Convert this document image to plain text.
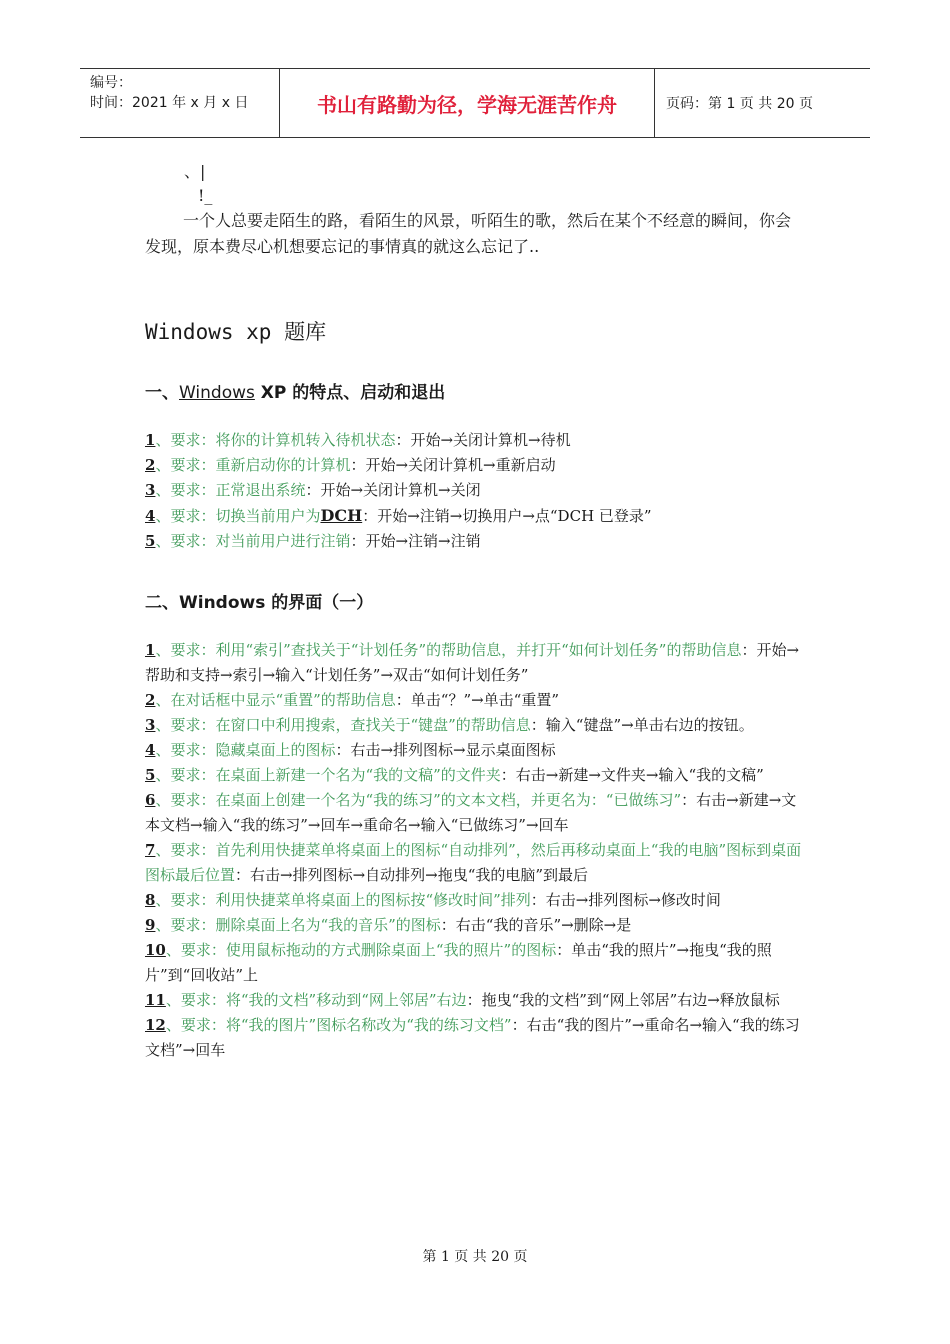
编号：
时间：2021 年 x 月 x 日	书山有路勤为径，学海无涯苦作舟	页码：第 1 页 共 20 页
、|
!_

一个人总要走陌生的路，看陌生的风景，听陌生的歌，然后在某个不经意的瞬间，你会发现，原本费尽心机想要忘记的事情真的就这么忘记了..

Windows xp 题库
一、Windows XP 的特点、启动和退出

1、要求：将你的计算机转入待机状态：开始→关闭计算机→待机

2、要求：重新启动你的计算机：开始→关闭计算机→重新启动

3、要求：正常退出系统：开始→关闭计算机→关闭

4、要求：切换当前用户为DCH：开始→注销→切换用户→点“DCH 已登录”

5、要求：对当前用户进行注销：开始→注销→注销

二、Windows 的界面（一）

1、要求：利用“索引”查找关于“计划任务”的帮助信息，并打开“如何计划任务”的帮助信息：开始→帮助和支持→索引→输入“计划任务”→双击“如何计划任务”

2、在对话框中显示“重置”的帮助信息：单击“？”→单击“重置”

3、要求：在窗口中利用搜索，查找关于“键盘”的帮助信息：输入“键盘”→单击右边的按钮。

4、要求：隐藏桌面上的图标：右击→排列图标→显示桌面图标

5、要求：在桌面上新建一个名为“我的文稿”的文件夹：右击→新建→文件夹→输入“我的文稿”

6、要求：在桌面上创建一个名为“我的练习”的文本文档，并更名为：“已做练习”：右击→新建→文本文档→输入“我的练习”→回车→重命名→输入“已做练习”→回车

7、要求：首先利用快捷菜单将桌面上的图标“自动排列”，然后再移动桌面上“我的电脑”图标到桌面图标最后位置：右击→排列图标→自动排列→拖曳“我的电脑”到最后

8、要求：利用快捷菜单将桌面上的图标按“修改时间”排列：右击→排列图标→修改时间

9、要求：删除桌面上名为“我的音乐”的图标：右击“我的音乐”→删除→是

10、要求：使用鼠标拖动的方式删除桌面上“我的照片”的图标：单击“我的照片”→拖曳“我的照片”到“回收站”上

11、要求：将“我的文档”移动到“网上邻居”右边：拖曳“我的文档”到“网上邻居”右边→释放鼠标

12、要求：将“我的图片”图标名称改为“我的练习文档”：右击“我的图片”→重命名→输入“我的练习文档”→回车

第 1 页 共 20 页
